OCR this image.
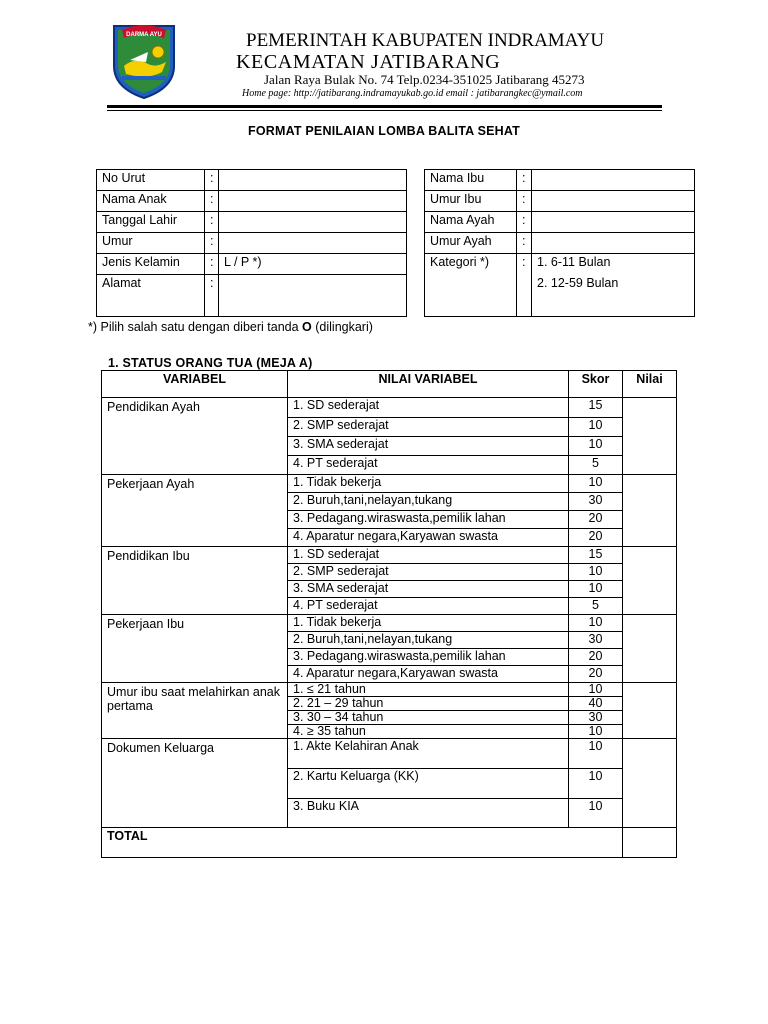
DARMA AYU	PEMERINTAH KABUPATEN INDRAMAYU
KECAMATAN JATIBARANG
Jalan Raya Bulak No. 74 Telp.0234-351025 Jatibarang 45273
Home page: http://jatibarang.indramayukab.go.id email : jatibarangkec@ymail.com
FORMAT PENILAIAN LOMBA BALITA SEHAT
No Urut	:			Nama Ibu	:	
Nama Anak	:			Umur Ibu	:	
Tanggal Lahir	:			Nama Ayah	:	
Umur	:			Umur Ayah	:	
Jenis Kelamin	:	L / P *)		Kategori *)	:	1. 6-11 Bulan
2. 12-59 Bulan

Alamat	:					
*) Pilih salah satu dengan diberi tanda O (dilingkari)
1. STATUS ORANG TUA (MEJA A)
VARIABEL	NILAI VARIABEL	Skor	Nilai
Pendidikan Ayah	1. SD sederajat	15	
	2. SMP sederajat	10	
	3. SMA sederajat	10	
	4. PT sederajat	5	
Pekerjaan Ayah	1. Tidak bekerja	10	
	2. Buruh,tani,nelayan,tukang	30	
	3. Pedagang.wiraswasta,pemilik lahan	20	
	4. Aparatur negara,Karyawan swasta	20	
Pendidikan Ibu	1. SD sederajat	15	
	2. SMP sederajat	10	
	3. SMA sederajat	10	
	4. PT sederajat	5	
Pekerjaan Ibu	1. Tidak bekerja	10	
	2. Buruh,tani,nelayan,tukang	30	
	3. Pedagang.wiraswasta,pemilik lahan	20	
	4. Aparatur negara,Karyawan swasta	20	
Umur ibu saat melahirkan anak pertama	1. ≤ 21 tahun	10	
	2. 21 – 29 tahun	40	
	3. 30 – 34 tahun	30	
	4. ≥ 35 tahun	10	
Dokumen Keluarga	1. Akte Kelahiran Anak	10	
	2. Kartu Keluarga (KK)	10	
	3. Buku KIA	10	
TOTAL			
